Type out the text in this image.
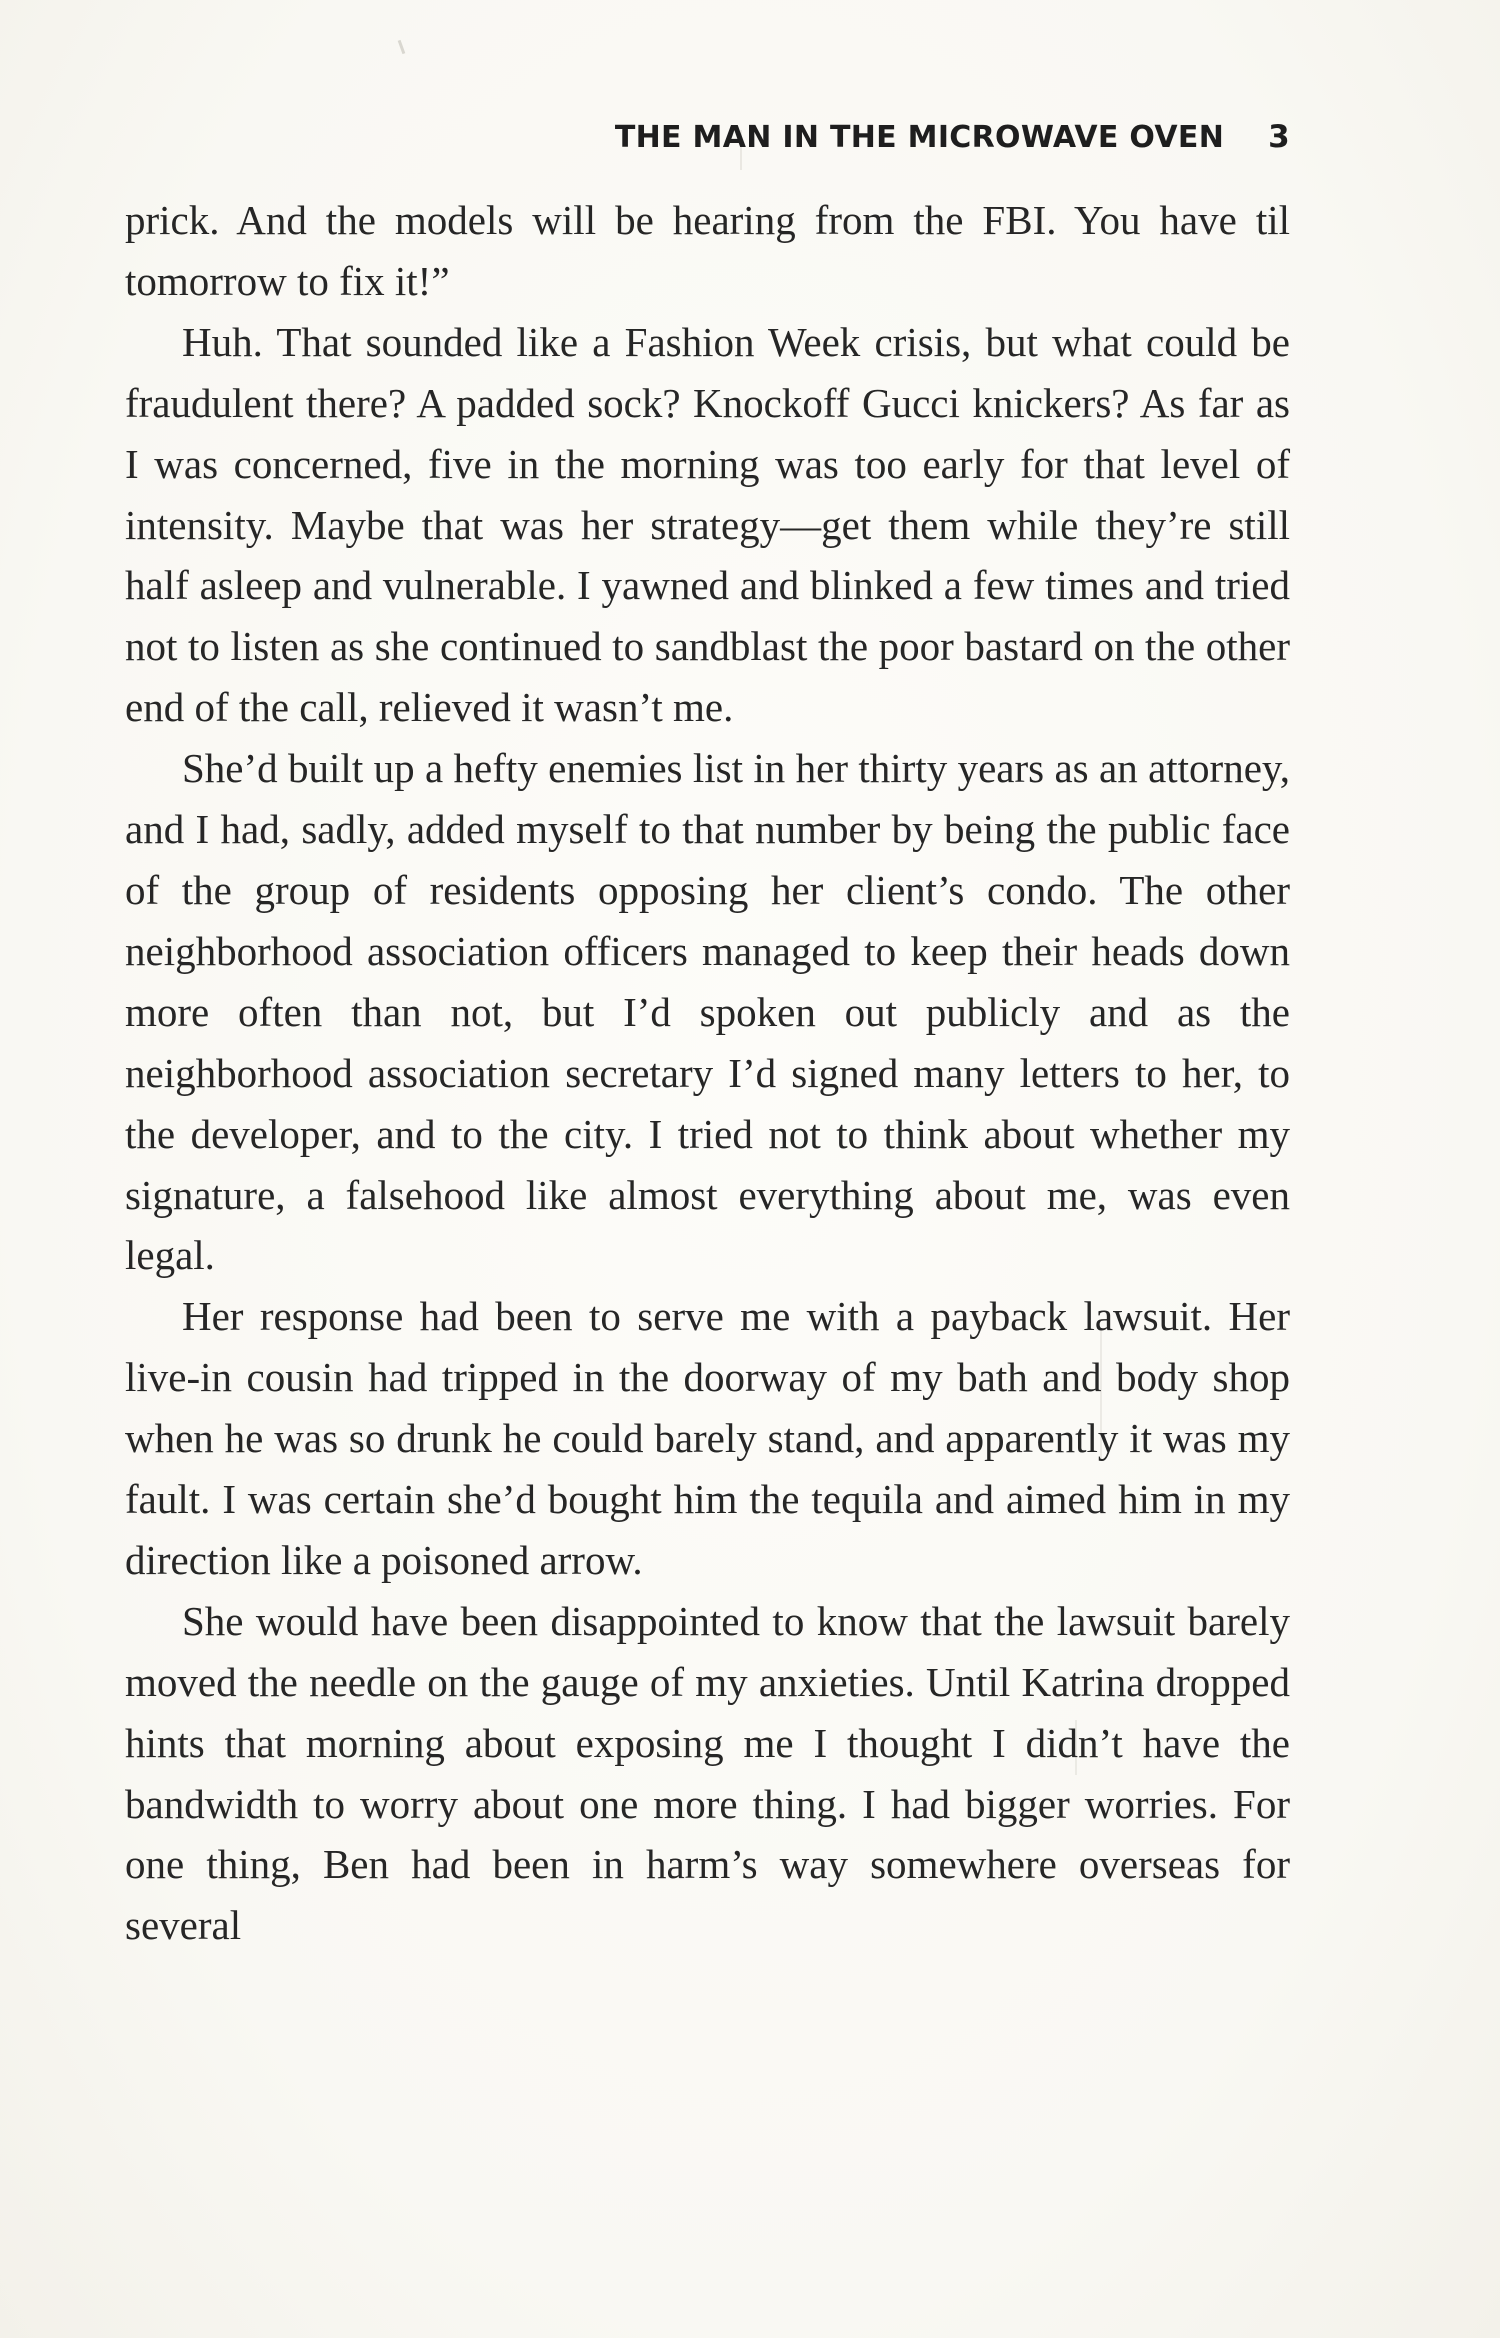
THE MAN IN THE MICROWAVE OVEN 3

prick. And the models will be hearing from the FBI. You have til tomorrow to fix it!”

Huh. That sounded like a Fashion Week crisis, but what could be fraudulent there? A padded sock? Knockoff Gucci knickers? As far as I was concerned, five in the morning was too early for that level of intensity. Maybe that was her strategy—get them while they’re still half asleep and vulnerable. I yawned and blinked a few times and tried not to listen as she continued to sandblast the poor bastard on the other end of the call, relieved it wasn’t me.

She’d built up a hefty enemies list in her thirty years as an attorney, and I had, sadly, added myself to that number by being the public face of the group of residents opposing her client’s condo. The other neighborhood association officers managed to keep their heads down more often than not, but I’d spoken out publicly and as the neighborhood association secretary I’d signed many letters to her, to the developer, and to the city. I tried not to think about whether my signature, a falsehood like almost everything about me, was even legal.

Her response had been to serve me with a payback lawsuit. Her live-in cousin had tripped in the doorway of my bath and body shop when he was so drunk he could barely stand, and apparently it was my fault. I was certain she’d bought him the tequila and aimed him in my direction like a poisoned arrow.

She would have been disappointed to know that the lawsuit barely moved the needle on the gauge of my anxieties. Until Katrina dropped hints that morning about exposing me I thought I didn’t have the bandwidth to worry about one more thing. I had bigger worries. For one thing, Ben had been in harm’s way somewhere overseas for several
